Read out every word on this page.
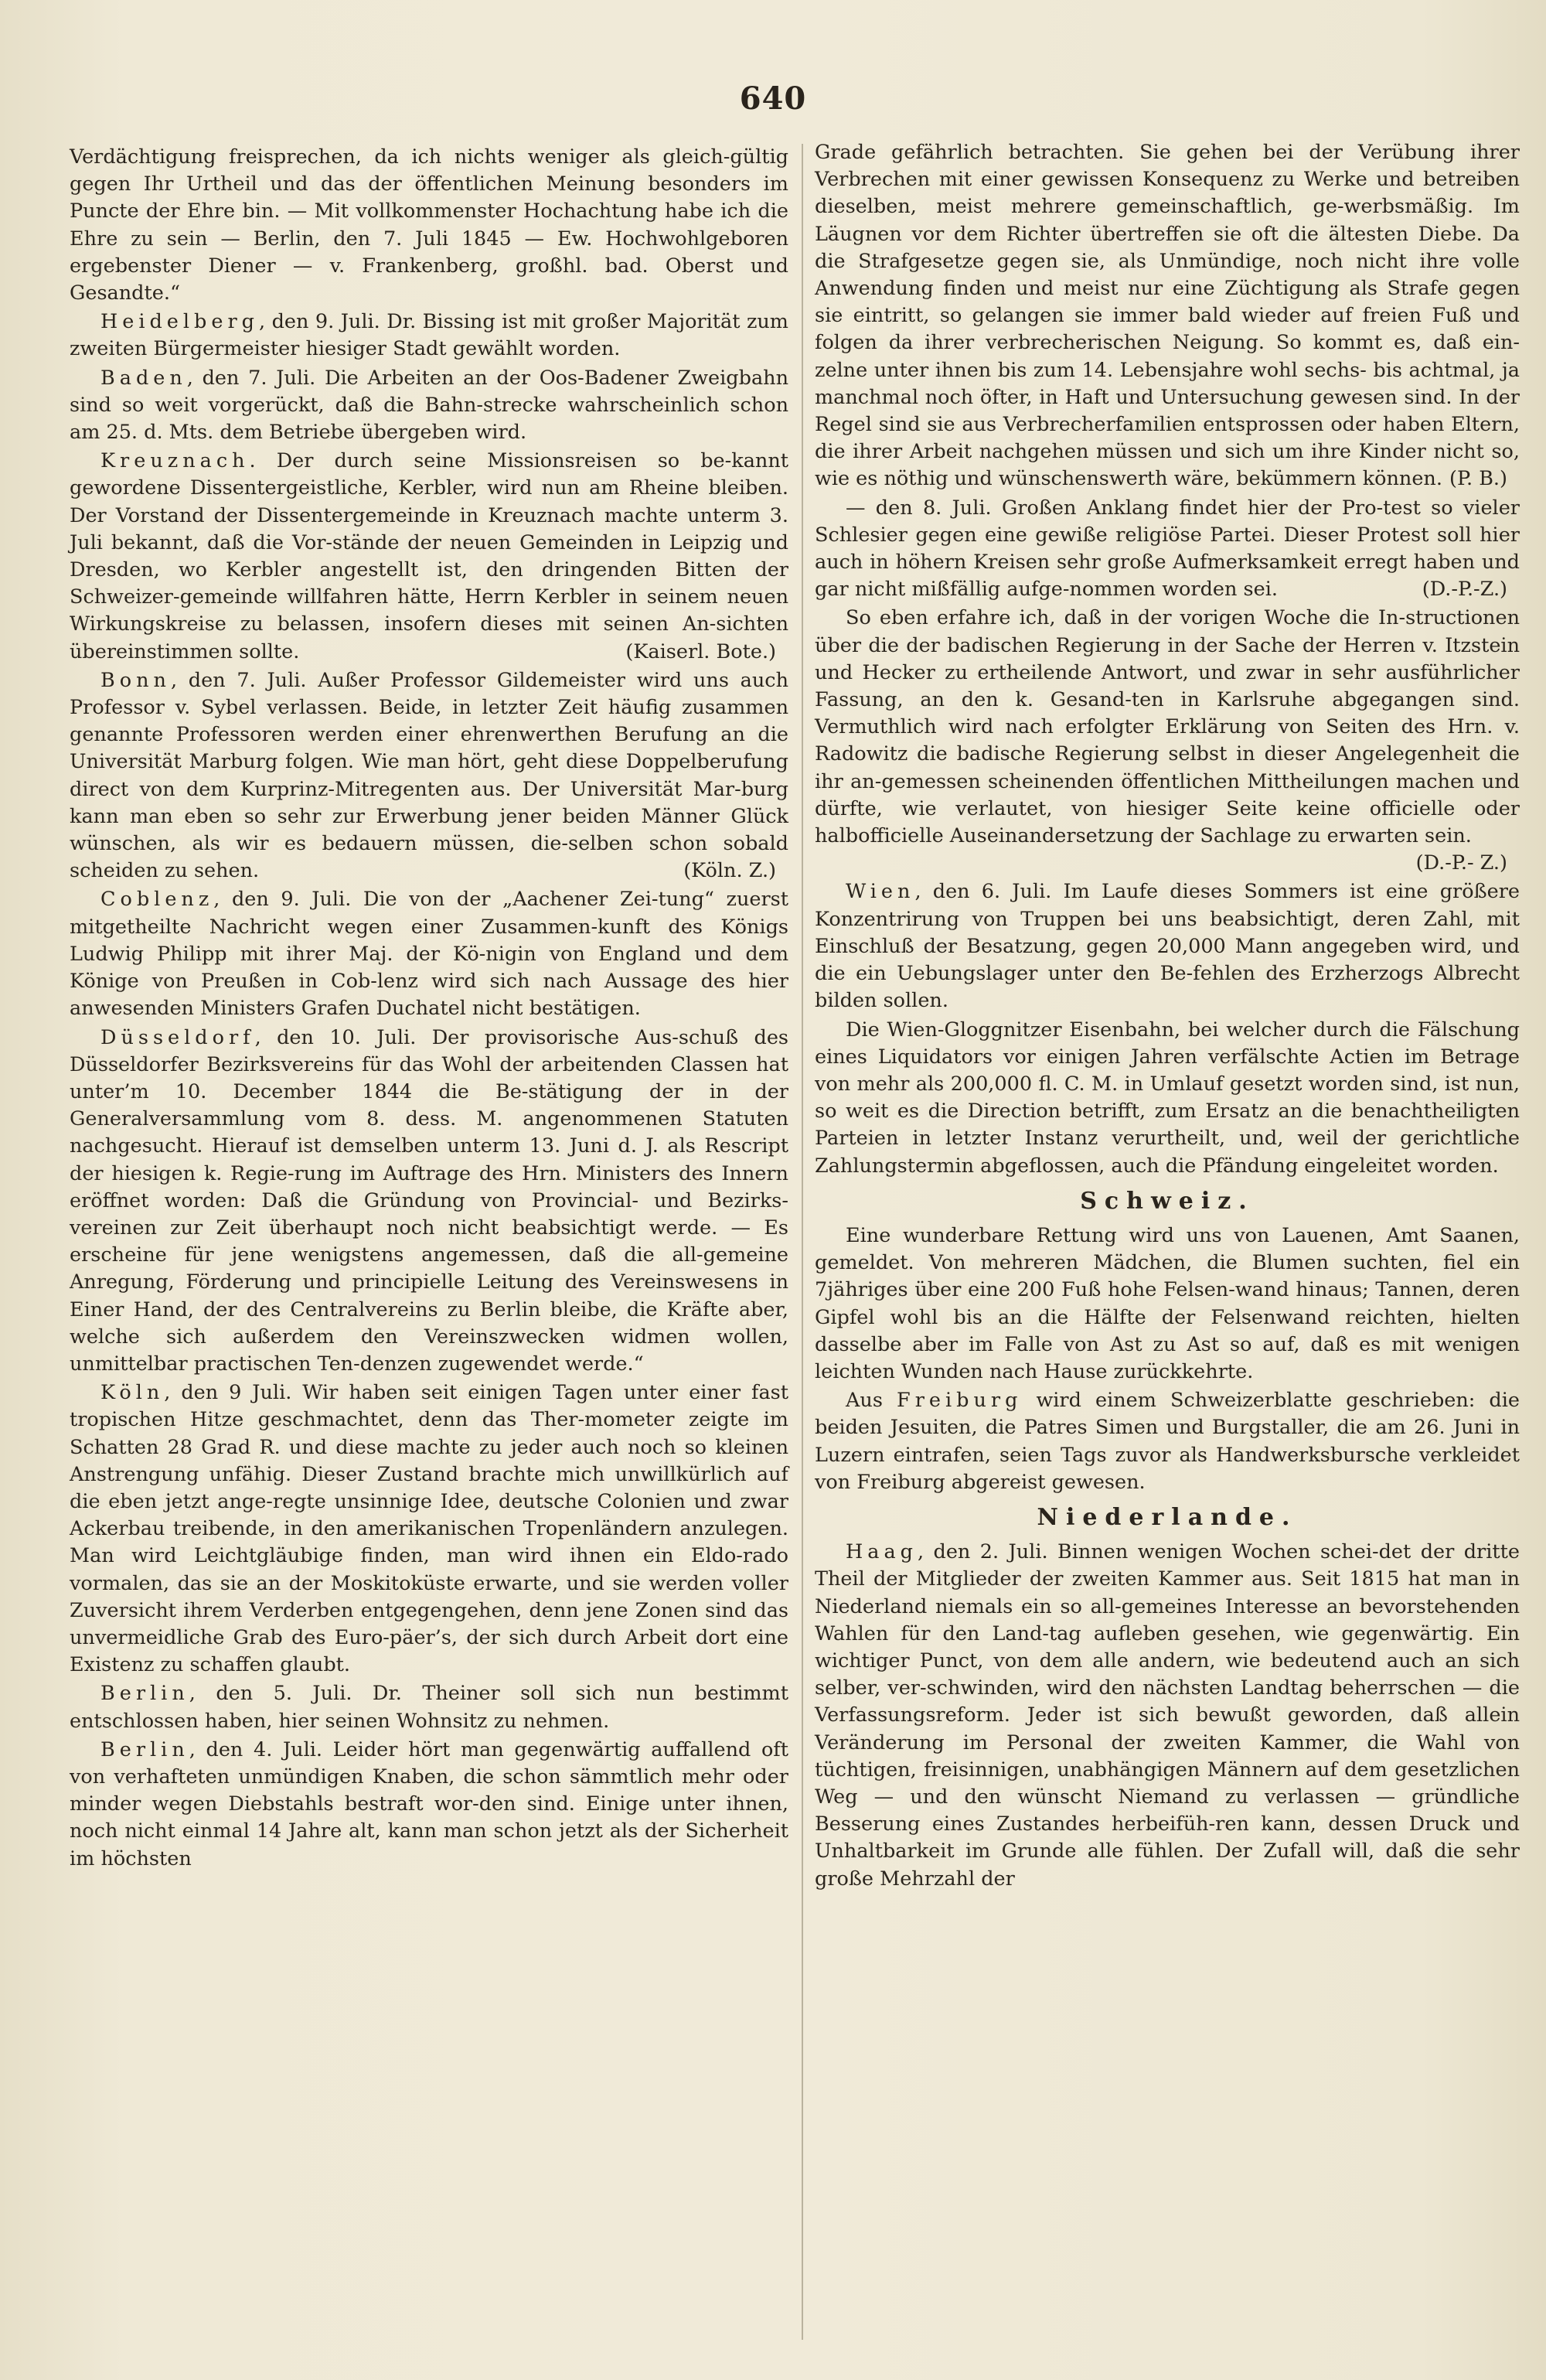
640

Verdächtigung freisprechen, da ich nichts weniger als gleich-gültig gegen Ihr Urtheil und das der öffentlichen Meinung besonders im Puncte der Ehre bin. — Mit vollkommenster Hochachtung habe ich die Ehre zu sein — Berlin, den 7. Juli 1845 — Ew. Hochwohlgeboren ergebenster Diener — v. Frankenberg, großhl. bad. Oberst und Gesandte.“

Heidelberg, den 9. Juli. Dr. Bissing ist mit großer Majorität zum zweiten Bürgermeister hiesiger Stadt gewählt worden.

Baden, den 7. Juli. Die Arbeiten an der Oos-Badener Zweigbahn sind so weit vorgerückt, daß die Bahn-strecke wahrscheinlich schon am 25. d. Mts. dem Betriebe übergeben wird.

Kreuznach. Der durch seine Missionsreisen so be-kannt gewordene Dissentergeistliche, Kerbler, wird nun am Rheine bleiben. Der Vorstand der Dissentergemeinde in Kreuznach machte unterm 3. Juli bekannt, daß die Vor-stände der neuen Gemeinden in Leipzig und Dresden, wo Kerbler angestellt ist, den dringenden Bitten der Schweizer-gemeinde willfahren hätte, Herrn Kerbler in seinem neuen Wirkungskreise zu belassen, insofern dieses mit seinen An-sichten übereinstimmen sollte.	(Kaiserl. Bote.)

Bonn, den 7. Juli. Außer Professor Gildemeister wird uns auch Professor v. Sybel verlassen. Beide, in letzter Zeit häufig zusammen genannte Professoren werden einer ehrenwerthen Berufung an die Universität Marburg folgen. Wie man hört, geht diese Doppelberufung direct von dem Kurprinz-Mitregenten aus. Der Universität Mar-burg kann man eben so sehr zur Erwerbung jener beiden Männer Glück wünschen, als wir es bedauern müssen, die-selben schon sobald scheiden zu sehen.	(Köln. Z.)

Coblenz, den 9. Juli. Die von der „Aachener Zei-tung“ zuerst mitgetheilte Nachricht wegen einer Zusammen-kunft des Königs Ludwig Philipp mit ihrer Maj. der Kö-nigin von England und dem Könige von Preußen in Cob-lenz wird sich nach Aussage des hier anwesenden Ministers Grafen Duchatel nicht bestätigen.

Düsseldorf, den 10. Juli. Der provisorische Aus-schuß des Düsseldorfer Bezirksvereins für das Wohl der arbeitenden Classen hat unter’m 10. December 1844 die Be-stätigung der in der Generalversammlung vom 8. dess. M. angenommenen Statuten nachgesucht. Hierauf ist demselben unterm 13. Juni d. J. als Rescript der hiesigen k. Regie-rung im Auftrage des Hrn. Ministers des Innern eröffnet worden: Daß die Gründung von Provincial- und Bezirks-vereinen zur Zeit überhaupt noch nicht beabsichtigt werde. — Es erscheine für jene wenigstens angemessen, daß die all-gemeine Anregung, Förderung und principielle Leitung des Vereinswesens in Einer Hand, der des Centralvereins zu Berlin bleibe, die Kräfte aber, welche sich außerdem den Vereinszwecken widmen wollen, unmittelbar practischen Ten-denzen zugewendet werde.“

Köln, den 9 Juli. Wir haben seit einigen Tagen unter einer fast tropischen Hitze geschmachtet, denn das Ther-mometer zeigte im Schatten 28 Grad R. und diese machte zu jeder auch noch so kleinen Anstrengung unfähig. Dieser Zustand brachte mich unwillkürlich auf die eben jetzt ange-regte unsinnige Idee, deutsche Colonien und zwar Ackerbau treibende, in den amerikanischen Tropenländern anzulegen. Man wird Leichtgläubige finden, man wird ihnen ein Eldo-rado vormalen, das sie an der Moskitoküste erwarte, und sie werden voller Zuversicht ihrem Verderben entgegengehen, denn jene Zonen sind das unvermeidliche Grab des Euro-päer’s, der sich durch Arbeit dort eine Existenz zu schaffen glaubt.

Berlin, den 5. Juli. Dr. Theiner soll sich nun bestimmt entschlossen haben, hier seinen Wohnsitz zu nehmen.

Berlin, den 4. Juli. Leider hört man gegenwärtig auffallend oft von verhafteten unmündigen Knaben, die schon sämmtlich mehr oder minder wegen Diebstahls bestraft wor-den sind. Einige unter ihnen, noch nicht einmal 14 Jahre alt, kann man schon jetzt als der Sicherheit im höchsten

Grade gefährlich betrachten. Sie gehen bei der Verübung ihrer Verbrechen mit einer gewissen Konsequenz zu Werke und betreiben dieselben, meist mehrere gemeinschaftlich, ge-werbsmäßig. Im Läugnen vor dem Richter übertreffen sie oft die ältesten Diebe. Da die Strafgesetze gegen sie, als Unmündige, noch nicht ihre volle Anwendung finden und meist nur eine Züchtigung als Strafe gegen sie eintritt, so gelangen sie immer bald wieder auf freien Fuß und folgen da ihrer verbrecherischen Neigung. So kommt es, daß ein-zelne unter ihnen bis zum 14. Lebensjahre wohl sechs- bis achtmal, ja manchmal noch öfter, in Haft und Untersuchung gewesen sind. In der Regel sind sie aus Verbrecherfamilien entsprossen oder haben Eltern, die ihrer Arbeit nachgehen müssen und sich um ihre Kinder nicht so, wie es nöthig und wünschenswerth wäre, bekümmern können. (P. B.)

— den 8. Juli. Großen Anklang findet hier der Pro-test so vieler Schlesier gegen eine gewiße religiöse Partei. Dieser Protest soll hier auch in höhern Kreisen sehr große Aufmerksamkeit erregt haben und gar nicht mißfällig aufge-nommen worden sei.	(D.-P.-Z.)

So eben erfahre ich, daß in der vorigen Woche die In-structionen über die der badischen Regierung in der Sache der Herren v. Itzstein und Hecker zu ertheilende Antwort, und zwar in sehr ausführlicher Fassung, an den k. Gesand-ten in Karlsruhe abgegangen sind. Vermuthlich wird nach erfolgter Erklärung von Seiten des Hrn. v. Radowitz die badische Regierung selbst in dieser Angelegenheit die ihr an-gemessen scheinenden öffentlichen Mittheilungen machen und dürfte, wie verlautet, von hiesiger Seite keine officielle oder halbofficielle Auseinandersetzung der Sachlage zu erwarten sein.
(D.-P.- Z.)

Wien, den 6. Juli. Im Laufe dieses Sommers ist eine größere Konzentrirung von Truppen bei uns beabsichtigt, deren Zahl, mit Einschluß der Besatzung, gegen 20,000 Mann angegeben wird, und die ein Uebungslager unter den Be-fehlen des Erzherzogs Albrecht bilden sollen.

Die Wien-Gloggnitzer Eisenbahn, bei welcher durch die Fälschung eines Liquidators vor einigen Jahren verfälschte Actien im Betrage von mehr als 200,000 fl. C. M. in Umlauf gesetzt worden sind, ist nun, so weit es die Direction betrifft, zum Ersatz an die benachtheiligten Parteien in letzter Instanz verurtheilt, und, weil der gerichtliche Zahlungstermin abgeflossen, auch die Pfändung eingeleitet worden.

Schweiz.

Eine wunderbare Rettung wird uns von Lauenen, Amt Saanen, gemeldet. Von mehreren Mädchen, die Blumen suchten, fiel ein 7jähriges über eine 200 Fuß hohe Felsen-wand hinaus; Tannen, deren Gipfel wohl bis an die Hälfte der Felsenwand reichten, hielten dasselbe aber im Falle von Ast zu Ast so auf, daß es mit wenigen leichten Wunden nach Hause zurückkehrte.

Aus Freiburg wird einem Schweizerblatte geschrieben: die beiden Jesuiten, die Patres Simen und Burgstaller, die am 26. Juni in Luzern eintrafen, seien Tags zuvor als Handwerksbursche verkleidet von Freiburg abgereist gewesen.

Niederlande.

Haag, den 2. Juli. Binnen wenigen Wochen schei-det der dritte Theil der Mitglieder der zweiten Kammer aus. Seit 1815 hat man in Niederland niemals ein so all-gemeines Interesse an bevorstehenden Wahlen für den Land-tag aufleben gesehen, wie gegenwärtig. Ein wichtiger Punct, von dem alle andern, wie bedeutend auch an sich selber, ver-schwinden, wird den nächsten Landtag beherrschen — die Verfassungsreform. Jeder ist sich bewußt geworden, daß allein Veränderung im Personal der zweiten Kammer, die Wahl von tüchtigen, freisinnigen, unabhängigen Männern auf dem gesetzlichen Weg — und den wünscht Niemand zu verlassen — gründliche Besserung eines Zustandes herbeifüh-ren kann, dessen Druck und Unhaltbarkeit im Grunde alle fühlen. Der Zufall will, daß die sehr große Mehrzahl der
